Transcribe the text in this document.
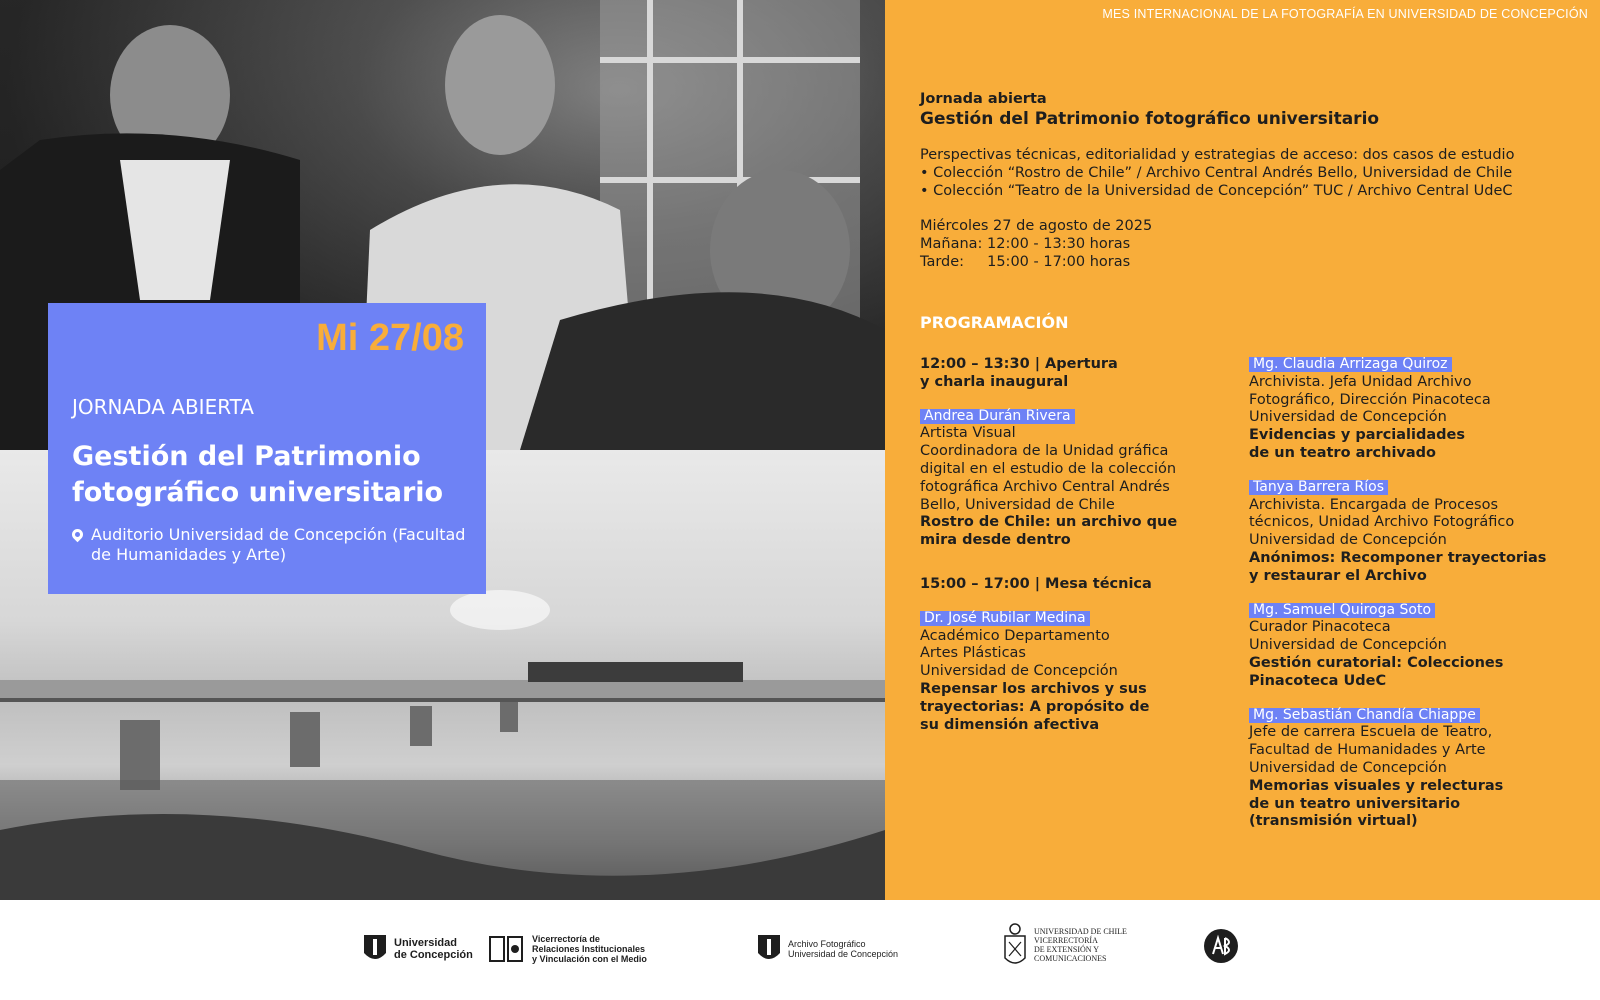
Mi 27/08
JORNADA ABIERTA
Gestión del Patrimonio fotográfico universitario
Auditorio Universidad de Concepción (Facultad de Humanidades y Arte)
MES INTERNACIONAL DE LA FOTOGRAFÍA EN UNIVERSIDAD DE CONCEPCIÓN
Jornada abierta
Gestión del Patrimonio fotográfico universitario
Perspectivas técnicas, editorialidad y estrategias de acceso: dos casos de estudio
• Colección “Rostro de Chile” / Archivo Central Andrés Bello, Universidad de Chile
• Colección “Teatro de la Universidad de Concepción” TUC / Archivo Central UdeC
Miércoles 27 de agosto de 2025
Mañana: 12:00 - 13:30 horas
Tarde:     15:00 - 17:00 horas
PROGRAMACIÓN
12:00 – 13:30 | Apertura y charla inaugural
Andrea Durán Rivera
Artista Visual
Coordinadora de la Unidad gráfica digital en el estudio de la colección fotográfica Archivo Central Andrés Bello, Universidad de Chile
Rostro de Chile: un archivo que mira desde dentro
15:00 – 17:00 | Mesa técnica
Dr. José Rubilar Medina
Académico Departamento
Artes Plásticas
Universidad de Concepción
Repensar los archivos y sus trayectorias: A propósito de su dimensión afectiva
Mg. Claudia Arrizaga Quiroz
Archivista. Jefa Unidad Archivo
Fotográfico, Dirección Pinacoteca
Universidad de Concepción
Evidencias y parcialidades de un teatro archivado
Tanya Barrera Ríos
Archivista. Encargada de Procesos
técnicos, Unidad Archivo Fotográfico
Universidad de Concepción
Anónimos: Recomponer trayectorias y restaurar el Archivo
Mg. Samuel Quiroga Soto
Curador Pinacoteca
Universidad de Concepción
Gestión curatorial: Colecciones Pinacoteca UdeC
Mg. Sebastián Chandía Chiappe
Jefe de carrera Escuela de Teatro,
Facultad de Humanidades y Arte
Universidad de Concepción
Memorias visuales y relecturas de un teatro universitario (transmisión virtual)
Universidad
de Concepción
Vicerrectoría de
Relaciones Institucionales
y Vinculación con el Medio
Archivo Fotográfico
Universidad de Concepción
UNIVERSIDAD DE CHILE
VICERRECTORÍA
DE EXTENSIÓN Y
COMUNICACIONES
